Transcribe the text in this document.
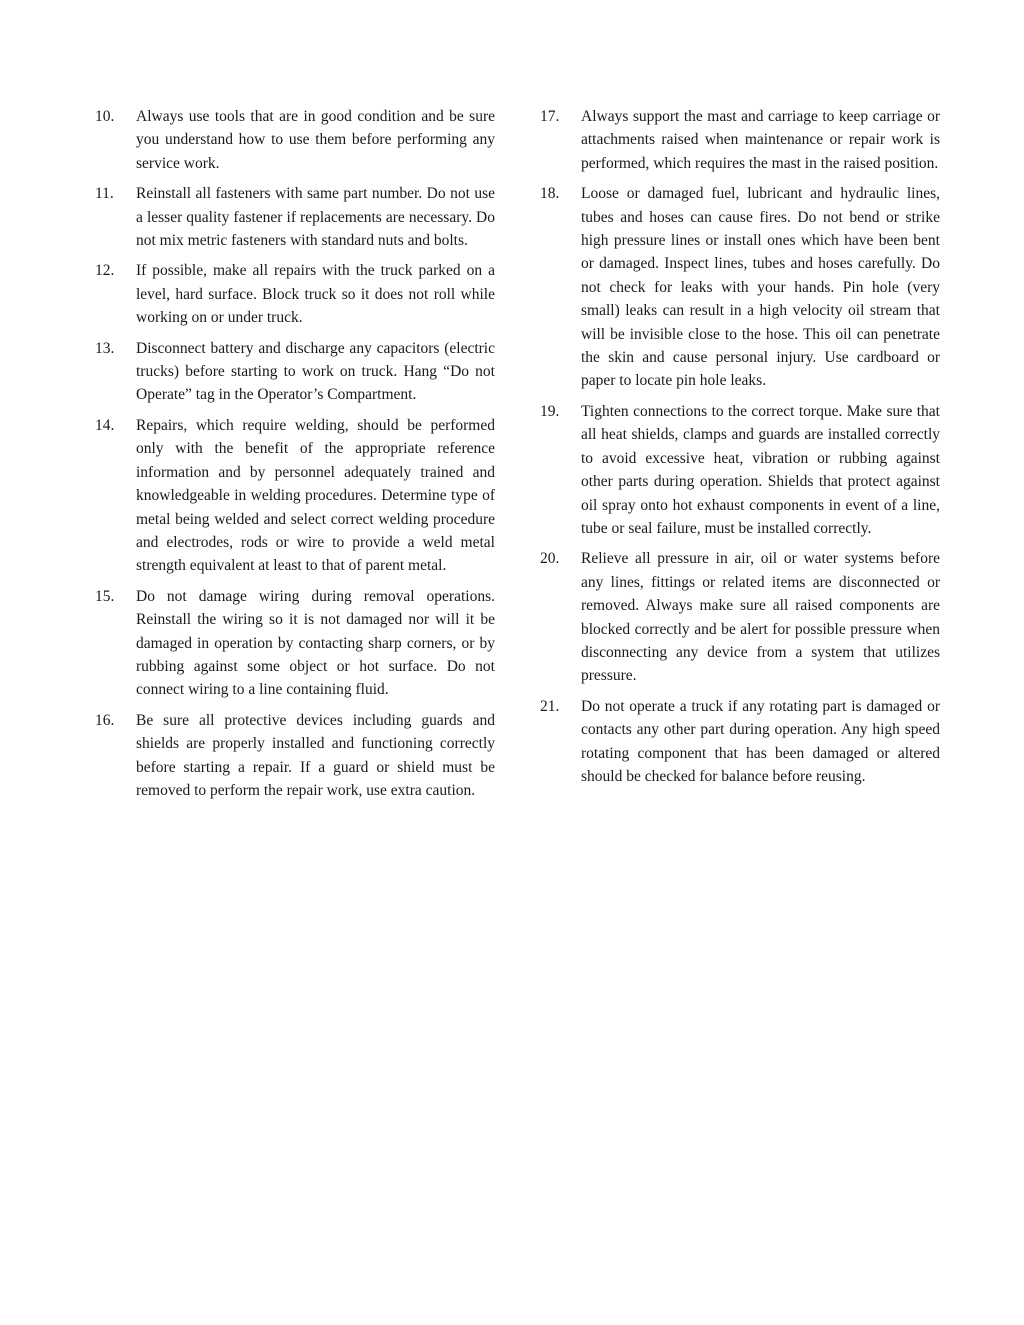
10.	Always use tools that are in good condition and be sure you understand how to use them before performing any service work.
11.	Reinstall all fasteners with same part number. Do not use a lesser quality fastener if replacements are necessary. Do not mix metric fasteners with standard nuts and bolts.
12.	If possible, make all repairs with the truck parked on a level, hard surface. Block truck so it does not roll while working on or under truck.
13.	Disconnect battery and discharge any capacitors (electric trucks) before starting to work on truck. Hang “Do not Operate” tag in the Operator’s Compartment.
14.	Repairs, which require welding, should be performed only with the benefit of the appropriate reference information and by personnel adequately trained and knowledgeable in welding procedures. Determine type of metal being welded and select correct welding procedure and electrodes, rods or wire to provide a weld metal strength equivalent at least to that of parent metal.
15.	Do not damage wiring during removal operations. Reinstall the wiring so it is not damaged nor will it be damaged in operation by contacting sharp corners, or by rubbing against some object or hot surface. Do not connect wiring to a line containing fluid.
16.	Be sure all protective devices including guards and shields are properly installed and functioning correctly before starting a repair. If a guard or shield must be removed to perform the repair work, use extra caution.
17.	Always support the mast and carriage to keep carriage or attachments raised when maintenance or repair work is performed, which requires the mast in the raised position.
18.	Loose or damaged fuel, lubricant and hydraulic lines, tubes and hoses can cause fires. Do not bend or strike high pressure lines or install ones which have been bent or damaged. Inspect lines, tubes and hoses carefully. Do not check for leaks with your hands. Pin hole (very small) leaks can result in a high velocity oil stream that will be invisible close to the hose. This oil can penetrate the skin and cause personal injury. Use cardboard or paper to locate pin hole leaks.
19.	Tighten connections to the correct torque. Make sure that all heat shields, clamps and guards are installed correctly to avoid excessive heat, vibration or rubbing against other parts during operation. Shields that protect against oil spray onto hot exhaust components in event of a line, tube or seal failure, must be installed correctly.
20.	Relieve all pressure in air, oil or water systems before any lines, fittings or related items are disconnected or removed. Always make sure all raised components are blocked correctly and be alert for possible pressure when disconnecting any device from a system that utilizes pressure.
21.	Do not operate a truck if any rotating part is damaged or contacts any other part during operation. Any high speed rotating component that has been damaged or altered should be checked for balance before reusing.
